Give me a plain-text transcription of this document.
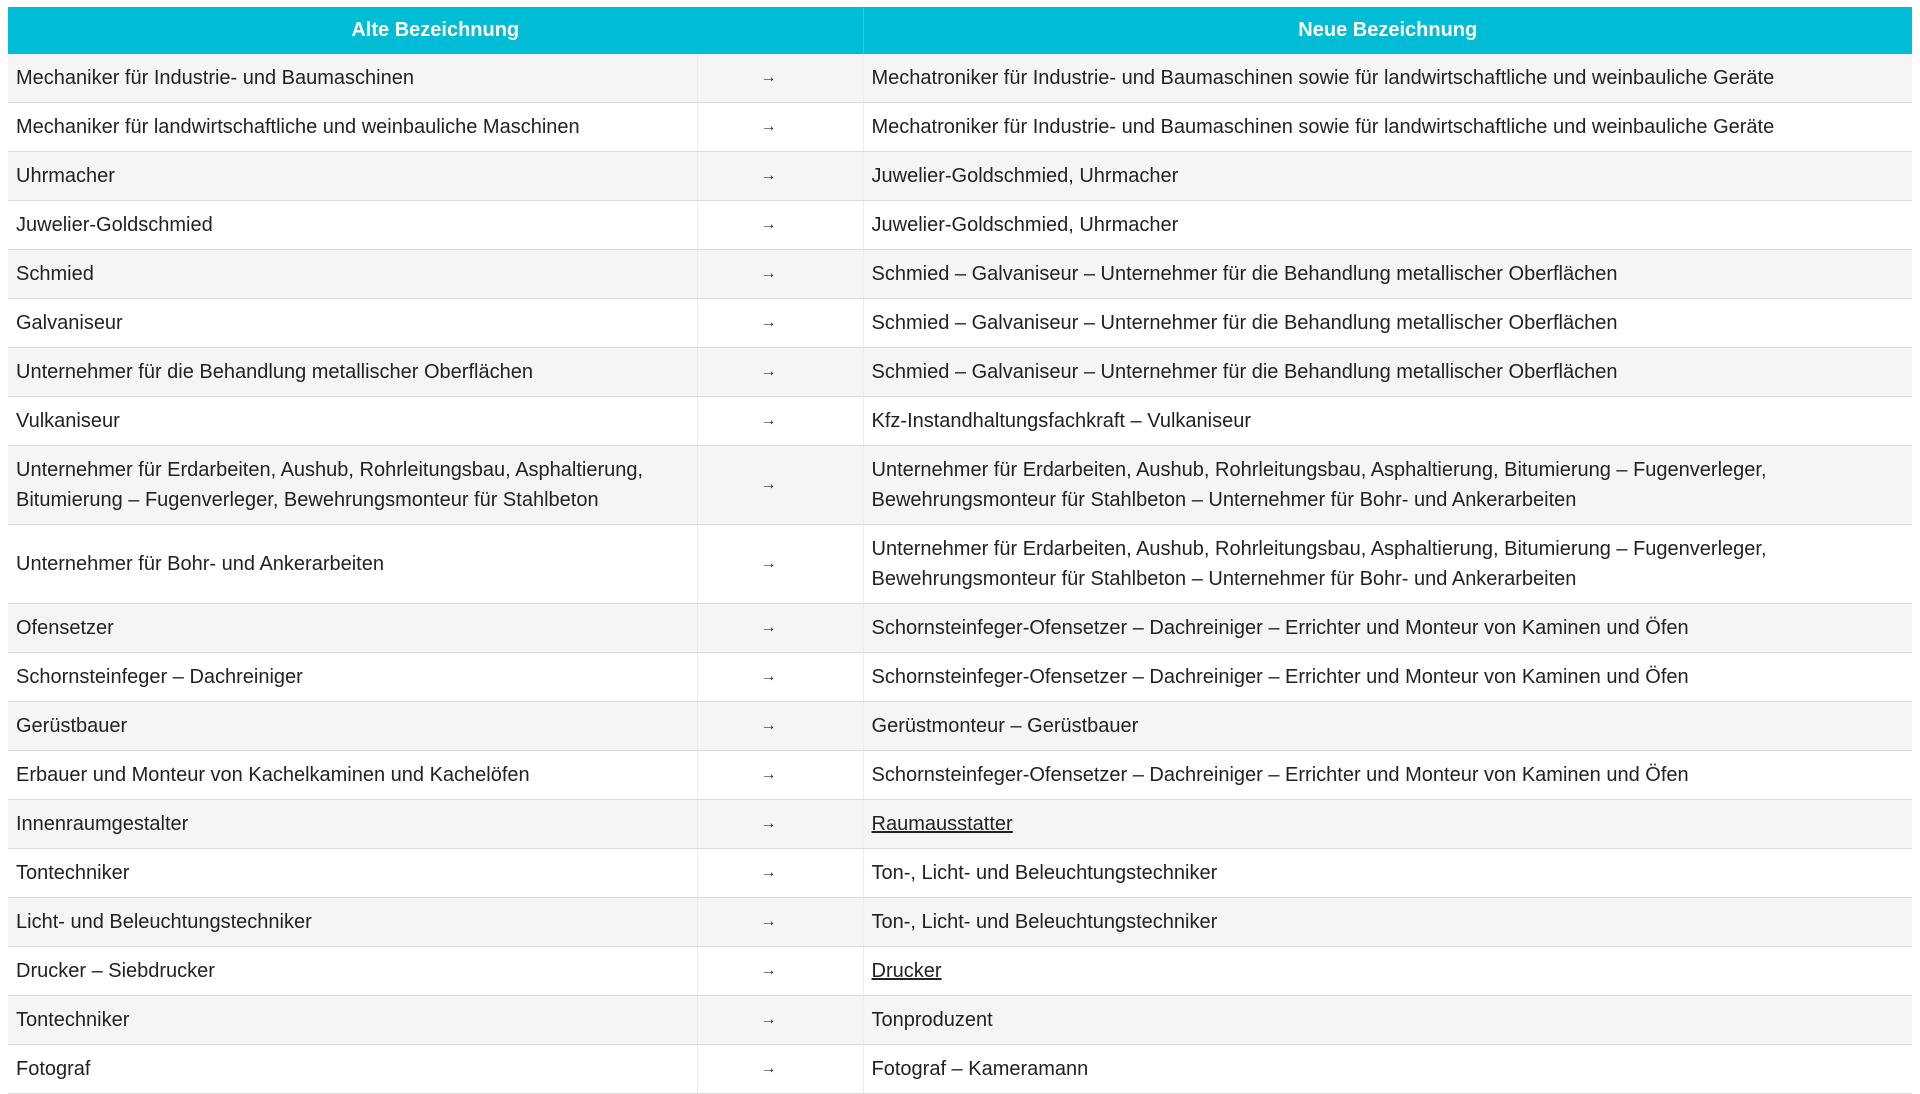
Alte Bezeichnung		Neue Bezeichnung
Mechaniker für Industrie- und Baumaschinen	→	Mechatroniker für Industrie- und Baumaschinen sowie für landwirtschaftliche und weinbauliche Geräte
Mechaniker für landwirtschaftliche und weinbauliche Maschinen	→	Mechatroniker für Industrie- und Baumaschinen sowie für landwirtschaftliche und weinbauliche Geräte
Uhrmacher	→	Juwelier-Goldschmied, Uhrmacher
Juwelier-Goldschmied	→	Juwelier-Goldschmied, Uhrmacher
Schmied	→	Schmied – Galvaniseur – Unternehmer für die Behandlung metallischer Oberflächen
Galvaniseur	→	Schmied – Galvaniseur – Unternehmer für die Behandlung metallischer Oberflächen
Unternehmer für die Behandlung metallischer Oberflächen	→	Schmied – Galvaniseur – Unternehmer für die Behandlung metallischer Oberflächen
Vulkaniseur	→	Kfz-Instandhaltungsfachkraft – Vulkaniseur
Unternehmer für Erdarbeiten, Aushub, Rohrleitungsbau, Asphaltierung, Bitumierung – Fugenverleger, Bewehrungsmonteur für Stahlbeton	→	Unternehmer für Erdarbeiten, Aushub, Rohrleitungsbau, Asphaltierung, Bitumierung – Fugenverleger, Bewehrungsmonteur für Stahlbeton – Unternehmer für Bohr- und Ankerarbeiten
Unternehmer für Bohr- und Ankerarbeiten	→	Unternehmer für Erdarbeiten, Aushub, Rohrleitungsbau, Asphaltierung, Bitumierung – Fugenverleger, Bewehrungsmonteur für Stahlbeton – Unternehmer für Bohr- und Ankerarbeiten
Ofensetzer	→	Schornsteinfeger-Ofensetzer – Dachreiniger – Errichter und Monteur von Kaminen und Öfen
Schornsteinfeger – Dachreiniger	→	Schornsteinfeger-Ofensetzer – Dachreiniger – Errichter und Monteur von Kaminen und Öfen
Gerüstbauer	→	Gerüstmonteur – Gerüstbauer
Erbauer und Monteur von Kachelkaminen und Kachelöfen	→	Schornsteinfeger-Ofensetzer – Dachreiniger – Errichter und Monteur von Kaminen und Öfen
Innenraumgestalter	→	Raumausstatter
Tontechniker	→	Ton-, Licht- und Beleuchtungstechniker
Licht- und Beleuchtungstechniker	→	Ton-, Licht- und Beleuchtungstechniker
Drucker – Siebdrucker	→	Drucker
Tontechniker	→	Tonproduzent
Fotograf	→	Fotograf – Kameramann
